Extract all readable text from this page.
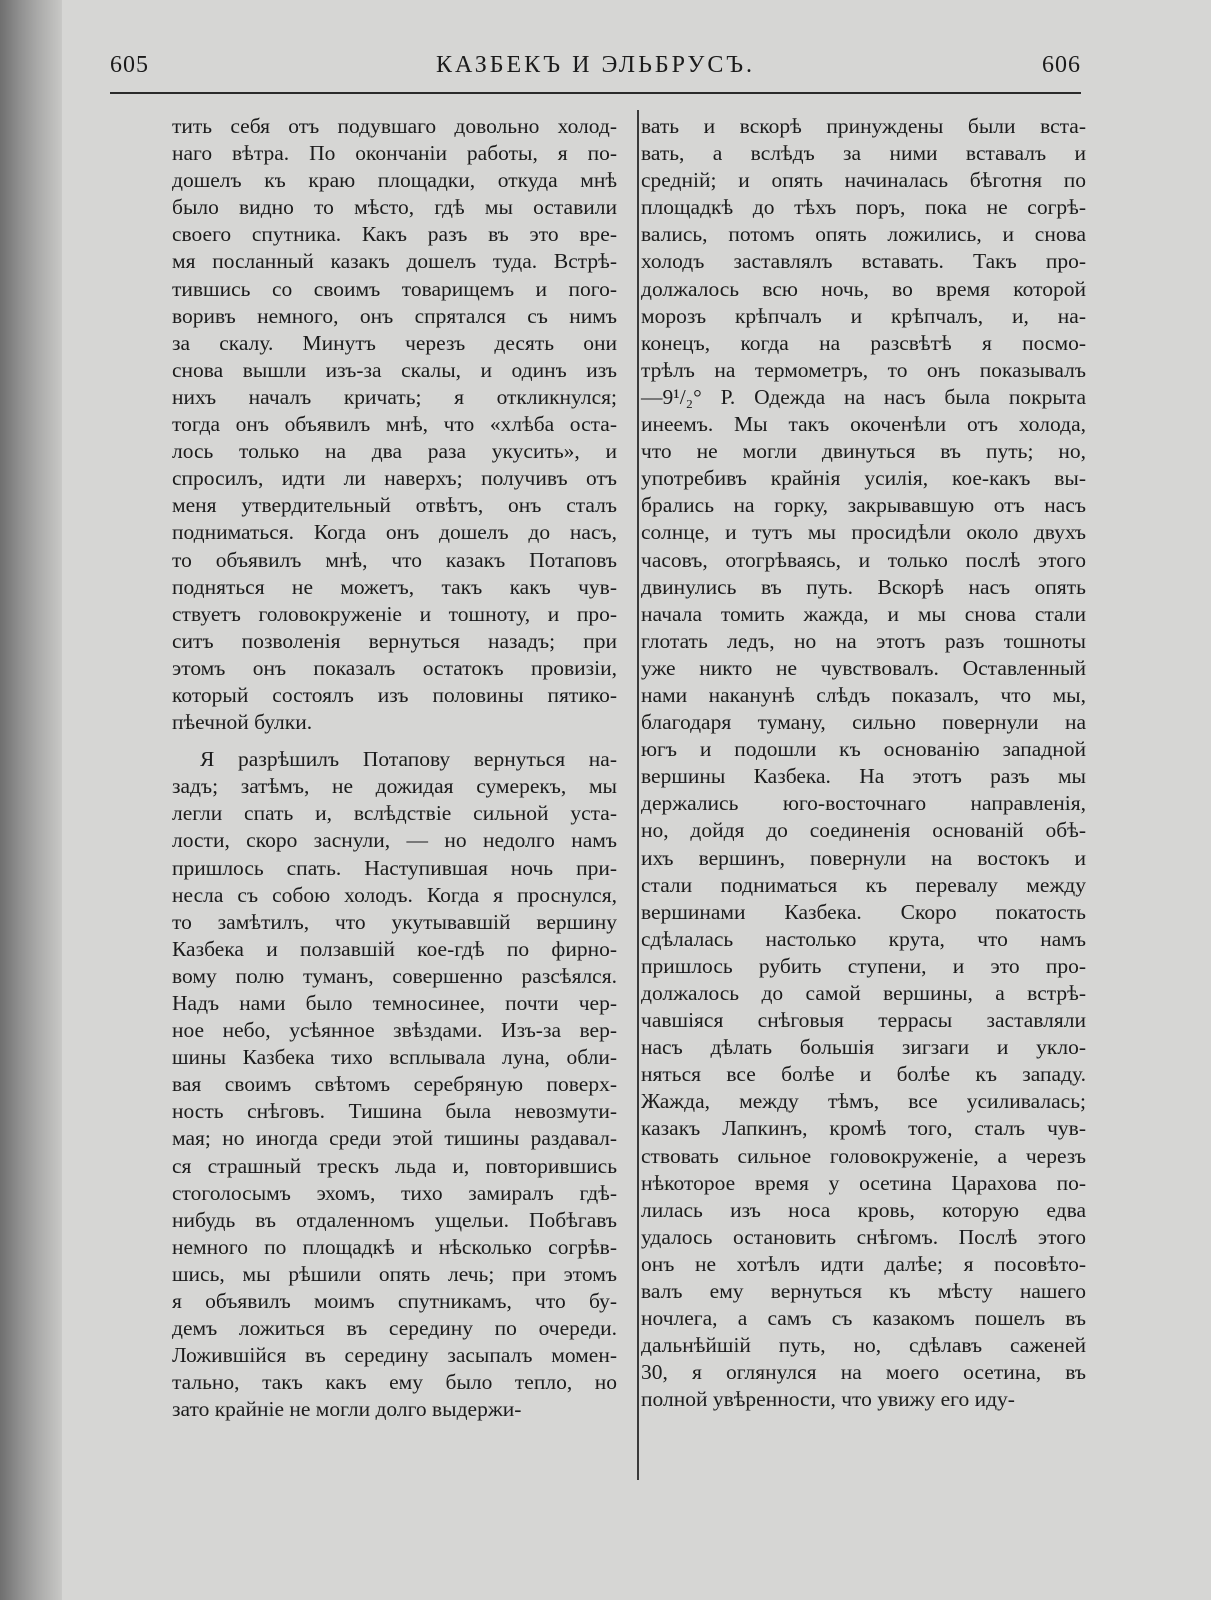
605	КАЗБЕКЪ И ЭЛЬБРУСЪ.	606
тить себя отъ подувшаго довольно холод-
наго вѣтра. По окончаніи работы, я по-
дошелъ къ краю площадки, откуда мнѣ
было видно то мѣсто, гдѣ мы оставили
своего спутника. Какъ разъ въ это вре-
мя посланный казакъ дошелъ туда. Встрѣ-
тившись со своимъ товарищемъ и пого-
воривъ немного, онъ спрятался съ нимъ
за скалу. Минутъ черезъ десять они
снова вышли изъ-за скалы, и одинъ изъ
нихъ началъ кричать; я откликнулся;
тогда онъ объявилъ мнѣ, что «хлѣба оста-
лось только на два раза укусить», и
спросилъ, идти ли наверхъ; получивъ отъ
меня утвердительный отвѣтъ, онъ сталъ
подниматься. Когда онъ дошелъ до насъ,
то объявилъ мнѣ, что казакъ Потаповъ
подняться не можетъ, такъ какъ чув-
ствуетъ головокруженіе и тошноту, и про-
ситъ позволенія вернуться назадъ; при
этомъ онъ показалъ остатокъ провизіи,
который состоялъ изъ половины пятико-
пѣечной булки.
Я разрѣшилъ Потапову вернуться на-
задъ; затѣмъ, не дожидая сумерекъ, мы
легли спать и, вслѣдствіе сильной уста-
лости, скоро заснули, — но недолго намъ
пришлось спать. Наступившая ночь при-
несла съ собою холодъ. Когда я проснулся,
то замѣтилъ, что укутывавшій вершину
Казбека и ползавшій кое-гдѣ по фирно-
вому полю туманъ, совершенно разсѣялся.
Надъ нами было темносинее, почти чер-
ное небо, усѣянное звѣздами. Изъ-за вер-
шины Казбека тихо всплывала луна, обли-
вая своимъ свѣтомъ серебряную поверх-
ность снѣговъ. Тишина была невозмути-
мая; но иногда среди этой тишины раздавал-
ся страшный трескъ льда и, повторившись
стоголосымъ эхомъ, тихо замиралъ гдѣ-
нибудь въ отдаленномъ ущельи. Побѣгавъ
немного по площадкѣ и нѣсколько согрѣв-
шись, мы рѣшили опять лечь; при этомъ
я объявилъ моимъ спутникамъ, что бу-
демъ ложиться въ середину по очереди.
Ложившійся въ середину засыпалъ момен-
тально, такъ какъ ему было тепло, но
зато крайніе не могли долго выдержи-
вать и вскорѣ принуждены были вста-
вать, а вслѣдъ за ними вставалъ и
средній; и опять начиналась бѣготня по
площадкѣ до тѣхъ поръ, пока не согрѣ-
вались, потомъ опять ложились, и снова
холодъ заставлялъ вставать. Такъ про-
должалось всю ночь, во время которой
морозъ крѣпчалъ и крѣпчалъ, и, на-
конецъ, когда на разсвѣтѣ я посмо-
трѣлъ на термометръ, то онъ показывалъ
—9¹/₂° Р. Одежда на насъ была покрыта
инеемъ. Мы такъ окоченѣли отъ холода,
что не могли двинуться въ путь; но,
употребивъ крайнія усилія, кое-какъ вы-
брались на горку, закрывавшую отъ насъ
солнце, и тутъ мы просидѣли около двухъ
часовъ, отогрѣваясь, и только послѣ этого
двинулись въ путь. Вскорѣ насъ опять
начала томить жажда, и мы снова стали
глотать ледъ, но на этотъ разъ тошноты
уже никто не чувствовалъ. Оставленный
нами наканунѣ слѣдъ показалъ, что мы,
благодаря туману, сильно повернули на
югъ и подошли къ основанію западной
вершины Казбека. На этотъ разъ мы
держались юго-восточнаго направленія,
но, дойдя до соединенія основаній обѣ-
ихъ вершинъ, повернули на востокъ и
стали подниматься къ перевалу между
вершинами Казбека. Скоро покатость
сдѣлалась настолько крута, что намъ
пришлось рубить ступени, и это про-
должалось до самой вершины, а встрѣ-
чавшіяся снѣговыя террасы заставляли
насъ дѣлать большія зигзаги и укло-
няться все болѣе и болѣе къ западу.
Жажда, между тѣмъ, все усиливалась;
казакъ Лапкинъ, кромѣ того, сталъ чув-
ствовать сильное головокруженіе, а черезъ
нѣкоторое время у осетина Царахова по-
лилась изъ носа кровь, которую едва
удалось остановить снѣгомъ. Послѣ этого
онъ не хотѣлъ идти далѣе; я посовѣто-
валъ ему вернуться къ мѣсту нашего
ночлега, а самъ съ казакомъ пошелъ въ
дальнѣйшій путь, но, сдѣлавъ саженей
30, я оглянулся на моего осетина, въ
полной увѣренности, что увижу его иду-
